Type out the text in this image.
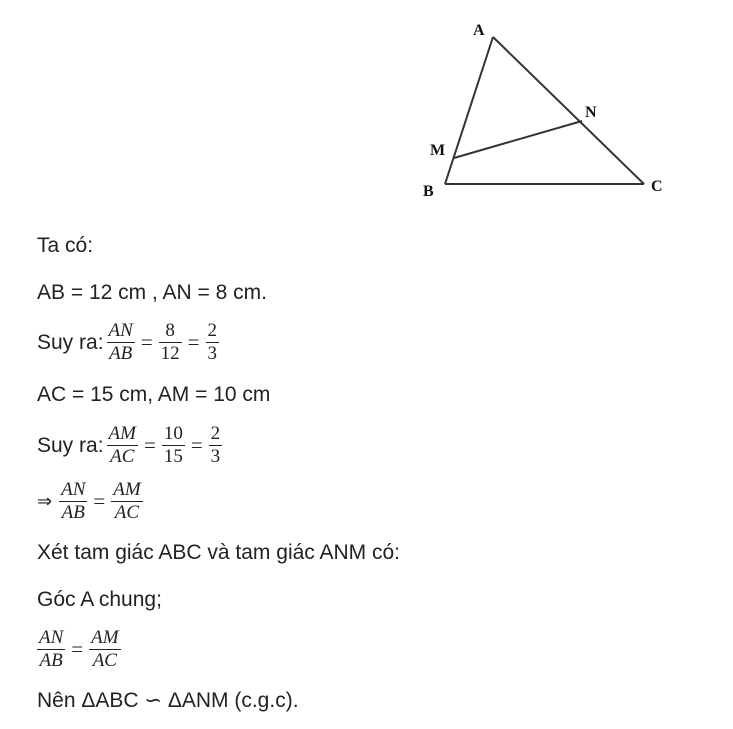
A
N
M
B	C
Ta có:
AB = 12 cm , AN = 8 cm.
Suy ra: $\frac{AN}{AB} = \frac{8}{12} = \frac{2}{3}$
AC = 15 cm, AM = 10 cm
Suy ra: $\frac{AM}{AC} = \frac{10}{15} = \frac{2}{3}$
⇒ $\frac{AN}{AB} = \frac{AM}{AC}$
Xét tam giác ABC và tam giác ANM có:
Góc A chung;
$\frac{AN}{AB} = \frac{AM}{AC}$
Nên ΔABC ∽ ΔANM (c.g.c).
